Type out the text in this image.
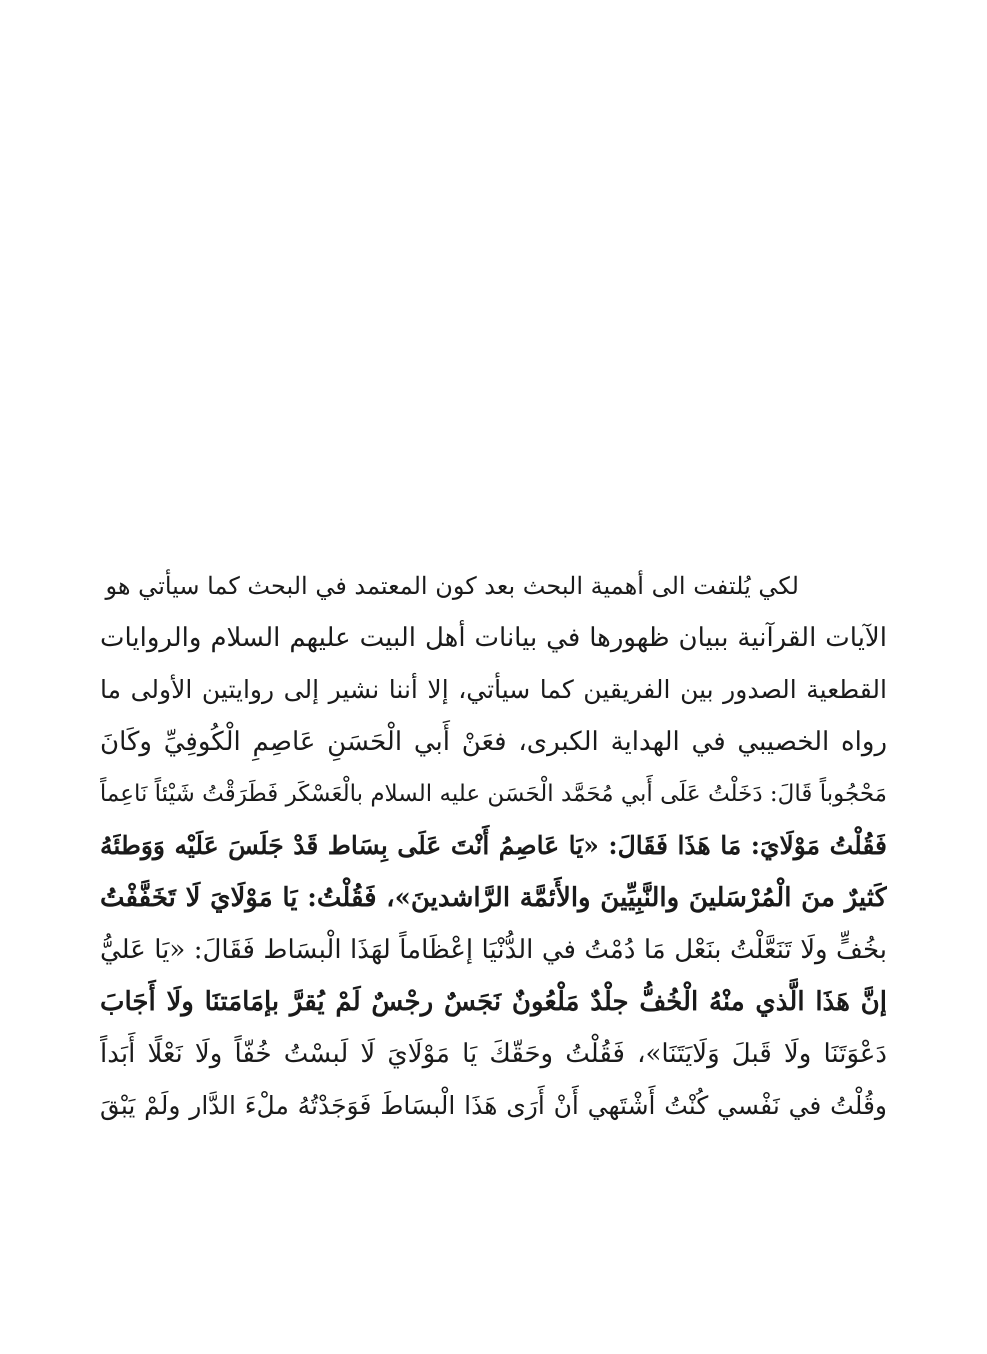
لكي يُلتفت الى أهمية البحث بعد كون المعتمد في البحث كما سيأتي هو
الآيات القرآنية ببيان ظهورها في بيانات أهل البيت عليهم السلام والروايات
القطعية الصدور بين الفريقين كما سيأتي، إلا أننا نشير إلى روايتين الأولى ما
رواه الخصيبي في الهداية الكبرى، فعَنْ أَبي الْحَسَنِ عَاصِمِ الْكُوفِيِّ وكَانَ
مَحْجُوباً قَالَ: دَخَلْتُ عَلَى أَبي مُحَمَّد الْحَسَن عليه السلام بالْعَسْكَر فَطَرَقْتُ شَيْئاً نَاعِماً
فَقُلْتُ مَوْلَايَ: مَا هَذَا فَقَالَ: «يَا عَاصِمُ أَنْتَ عَلَى بِسَاط قَدْ جَلَسَ عَلَيْه وَوَطئَهُ
كَثيرٌ منَ الْمُرْسَلينَ والنَّبِيِّينَ والأَئمَّة الرَّاشدينَ»، فَقُلْتُ: يَا مَوْلَايَ لَا تَخَفَّفْتُ
بخُفٍّ ولَا تَنَعَّلْتُ بنَعْل مَا دُمْتُ في الدُّنْيَا إعْظَاماً لهَذَا الْبسَاط فَقَالَ: «يَا عَليُّ
إنَّ هَذَا الَّذي منْهُ الْخُفُّ جلْدٌ مَلْعُونٌ نَجَسٌ رجْسٌ لَمْ يُقرَّ بإمَامَتنَا ولَا أَجَابَ
دَعْوَتَنَا ولَا قَبلَ وَلَايَتَنَا»، فَقُلْتُ وحَقّكَ يَا مَوْلَايَ لَا لَبسْتُ خُفّاً ولَا نَعْلًا أَبَداً
وقُلْتُ في نَفْسي كُنْتُ أَشْتَهي أَنْ أَرَى هَذَا الْبسَاطَ فَوَجَدْتُهُ ملْءَ الدَّار ولَمْ يَبْقَ
